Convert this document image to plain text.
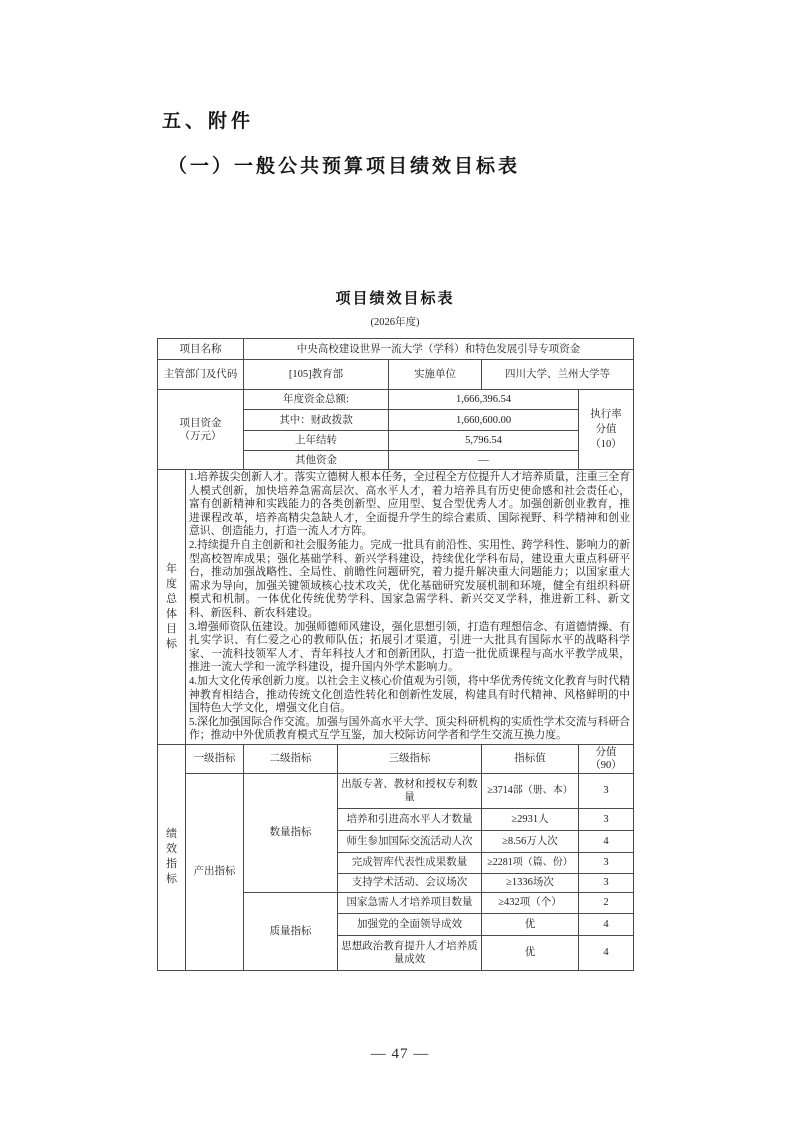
五、附件
（一）一般公共预算项目绩效目标表
项目绩效目标表
(2026年度)
项目名称		中央高校建设世界一流大学（学科）和特色发展引导专项资金				
主管部门及代码		[105]教育部		实施单位	四川大学、兰州大学等	
项目资金
（万元）	年度资金总额:	1,666,396.54	
执行率
分值
（10）

		其中：财政拨款		1,660,600.00		
		上年结转		5,796.54		
		其他资金		—		

年度总体目标	1.培养拔尖创新人才。落实立德树人根本任务，全过程全方位提升人才培养质量，注重三全育人模式创新，加快培养急需高层次、高水平人才，着力培养具有历史使命感和社会责任心，富有创新精神和实践能力的各类创新型、应用型、复合型优秀人才。加强创新创业教育，推进课程改革，培养高精尖急缺人才，全面提升学生的综合素质、国际视野、科学精神和创业意识、创造能力，打造一流人才方阵。

2.持续提升自主创新和社会服务能力。完成一批具有前沿性、实用性、跨学科性、影响力的新型高校智库成果；强化基础学科、新兴学科建设，持续优化学科布局，建设重大重点科研平台，推动加强战略性、全局性、前瞻性问题研究，着力提升解决重大问题能力；以国家重大需求为导向，加强关键领域核心技术攻关，优化基础研究发展机制和环境，健全有组织科研模式和机制。一体优化传统优势学科、国家急需学科、新兴交叉学科，推进新工科、新文科、新医科、新农科建设。

3.增强师资队伍建设。加强师德师风建设，强化思想引领，打造有理想信念、有道德情操、有扎实学识、有仁爱之心的教师队伍；拓展引才渠道，引进一大批具有国际水平的战略科学家、一流科技领军人才、青年科技人才和创新团队，打造一批优质课程与高水平教学成果，推进一流大学和一流学科建设，提升国内外学术影响力。

4.加大文化传承创新力度。以社会主义核心价值观为引领，将中华优秀传统文化教育与时代精神教育相结合，推动传统文化创造性转化和创新性发展，构建具有时代精神、风格鲜明的中国特色大学文化，增强文化自信。

5.深化加强国际合作交流。加强与国外高水平大学、顶尖科研机构的实质性学术交流与科研合作；推动中外优质教育模式互学互鉴，加大校际访问学者和学生交流互换力度。					

绩效指标	一级指标	二级指标	三级指标		指标值	分值
（90）
	产出指标	数量指标	出版专著、教材和授权专利数量		≥3714部（册、本）	3
			培养和引进高水平人才数量		≥2931人	3
			师生参加国际交流活动人次		≥8.56万人次	4
			完成智库代表性成果数量		≥2281项（篇、份）	3
			支持学术活动、会议场次		≥1336场次	3
		质量指标	国家急需人才培养项目数量		≥432项（个）	2
			加强党的全面领导成效		优	4
			思想政治教育提升人才培养质量成效		优	4
— 47 —
